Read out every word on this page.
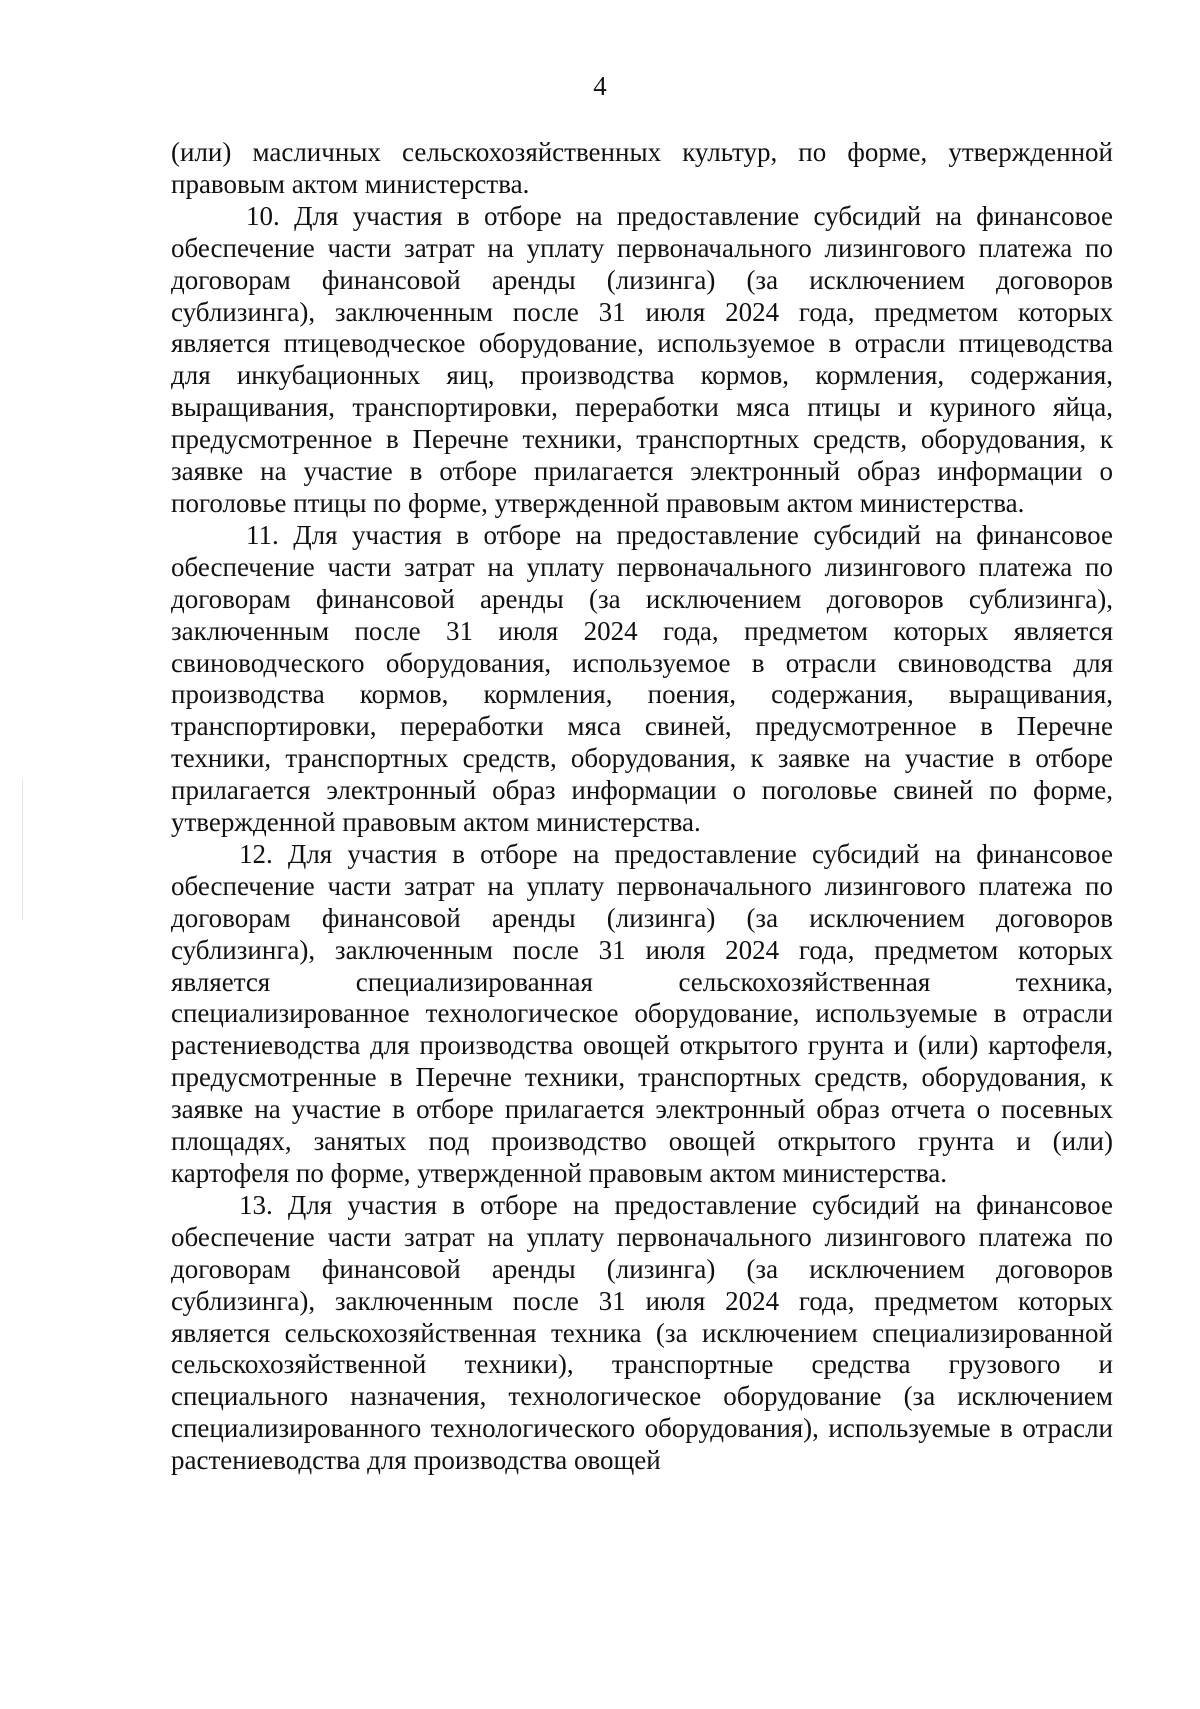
4

(или) масличных сельскохозяйственных культур, по форме, утвержденной правовым актом министерства.

10. Для участия в отборе на предоставление субсидий на финансовое обеспечение части затрат на уплату первоначального лизингового платежа по договорам финансовой аренды (лизинга) (за исключением договоров сублизинга), заключенным после 31 июля 2024 года, предметом которых является птицеводческое оборудование, используемое в отрасли птицеводства для инкубационных яиц, производства кормов, кормления, содержания, выращивания, транспортировки, переработки мяса птицы и куриного яйца, предусмотренное в Перечне техники, транспортных средств, оборудования, к заявке на участие в отборе прилагается электронный образ информации о поголовье птицы по форме, утвержденной правовым актом министерства.

11. Для участия в отборе на предоставление субсидий на финансовое обеспечение части затрат на уплату первоначального лизингового платежа по договорам финансовой аренды (за исключением договоров сублизинга), заключенным после 31 июля 2024 года, предметом которых является свиноводческого оборудования, используемое в отрасли свиноводства для производства кормов, кормления, поения, содержания, выращивания, транспортировки, переработки мяса свиней, предусмотренное в Перечне техники, транспортных средств, оборудования, к заявке на участие в отборе прилагается электронный образ информации о поголовье свиней по форме, утвержденной правовым актом министерства.

12. Для участия в отборе на предоставление субсидий на финансовое обеспечение части затрат на уплату первоначального лизингового платежа по договорам финансовой аренды (лизинга) (за исключением договоров сублизинга), заключенным после 31 июля 2024 года, предметом которых является специализированная сельскохозяйственная техника, специализированное технологическое оборудование, используемые в отрасли растениеводства для производства овощей открытого грунта и (или) картофеля, предусмотренные в Перечне техники, транспортных средств, оборудования, к заявке на участие в отборе прилагается электронный образ отчета о посевных площадях, занятых под производство овощей открытого грунта и (или) картофеля по форме, утвержденной правовым актом министерства.

13. Для участия в отборе на предоставление субсидий на финансовое обеспечение части затрат на уплату первоначального лизингового платежа по договорам финансовой аренды (лизинга) (за исключением договоров сублизинга), заключенным после 31 июля 2024 года, предметом которых является сельскохозяйственная техника (за исключением специализированной сельскохозяйственной техники), транспортные средства грузового и специального назначения, технологическое оборудование (за исключением специализированного технологического оборудования), используемые в отрасли растениеводства для производства овощей
